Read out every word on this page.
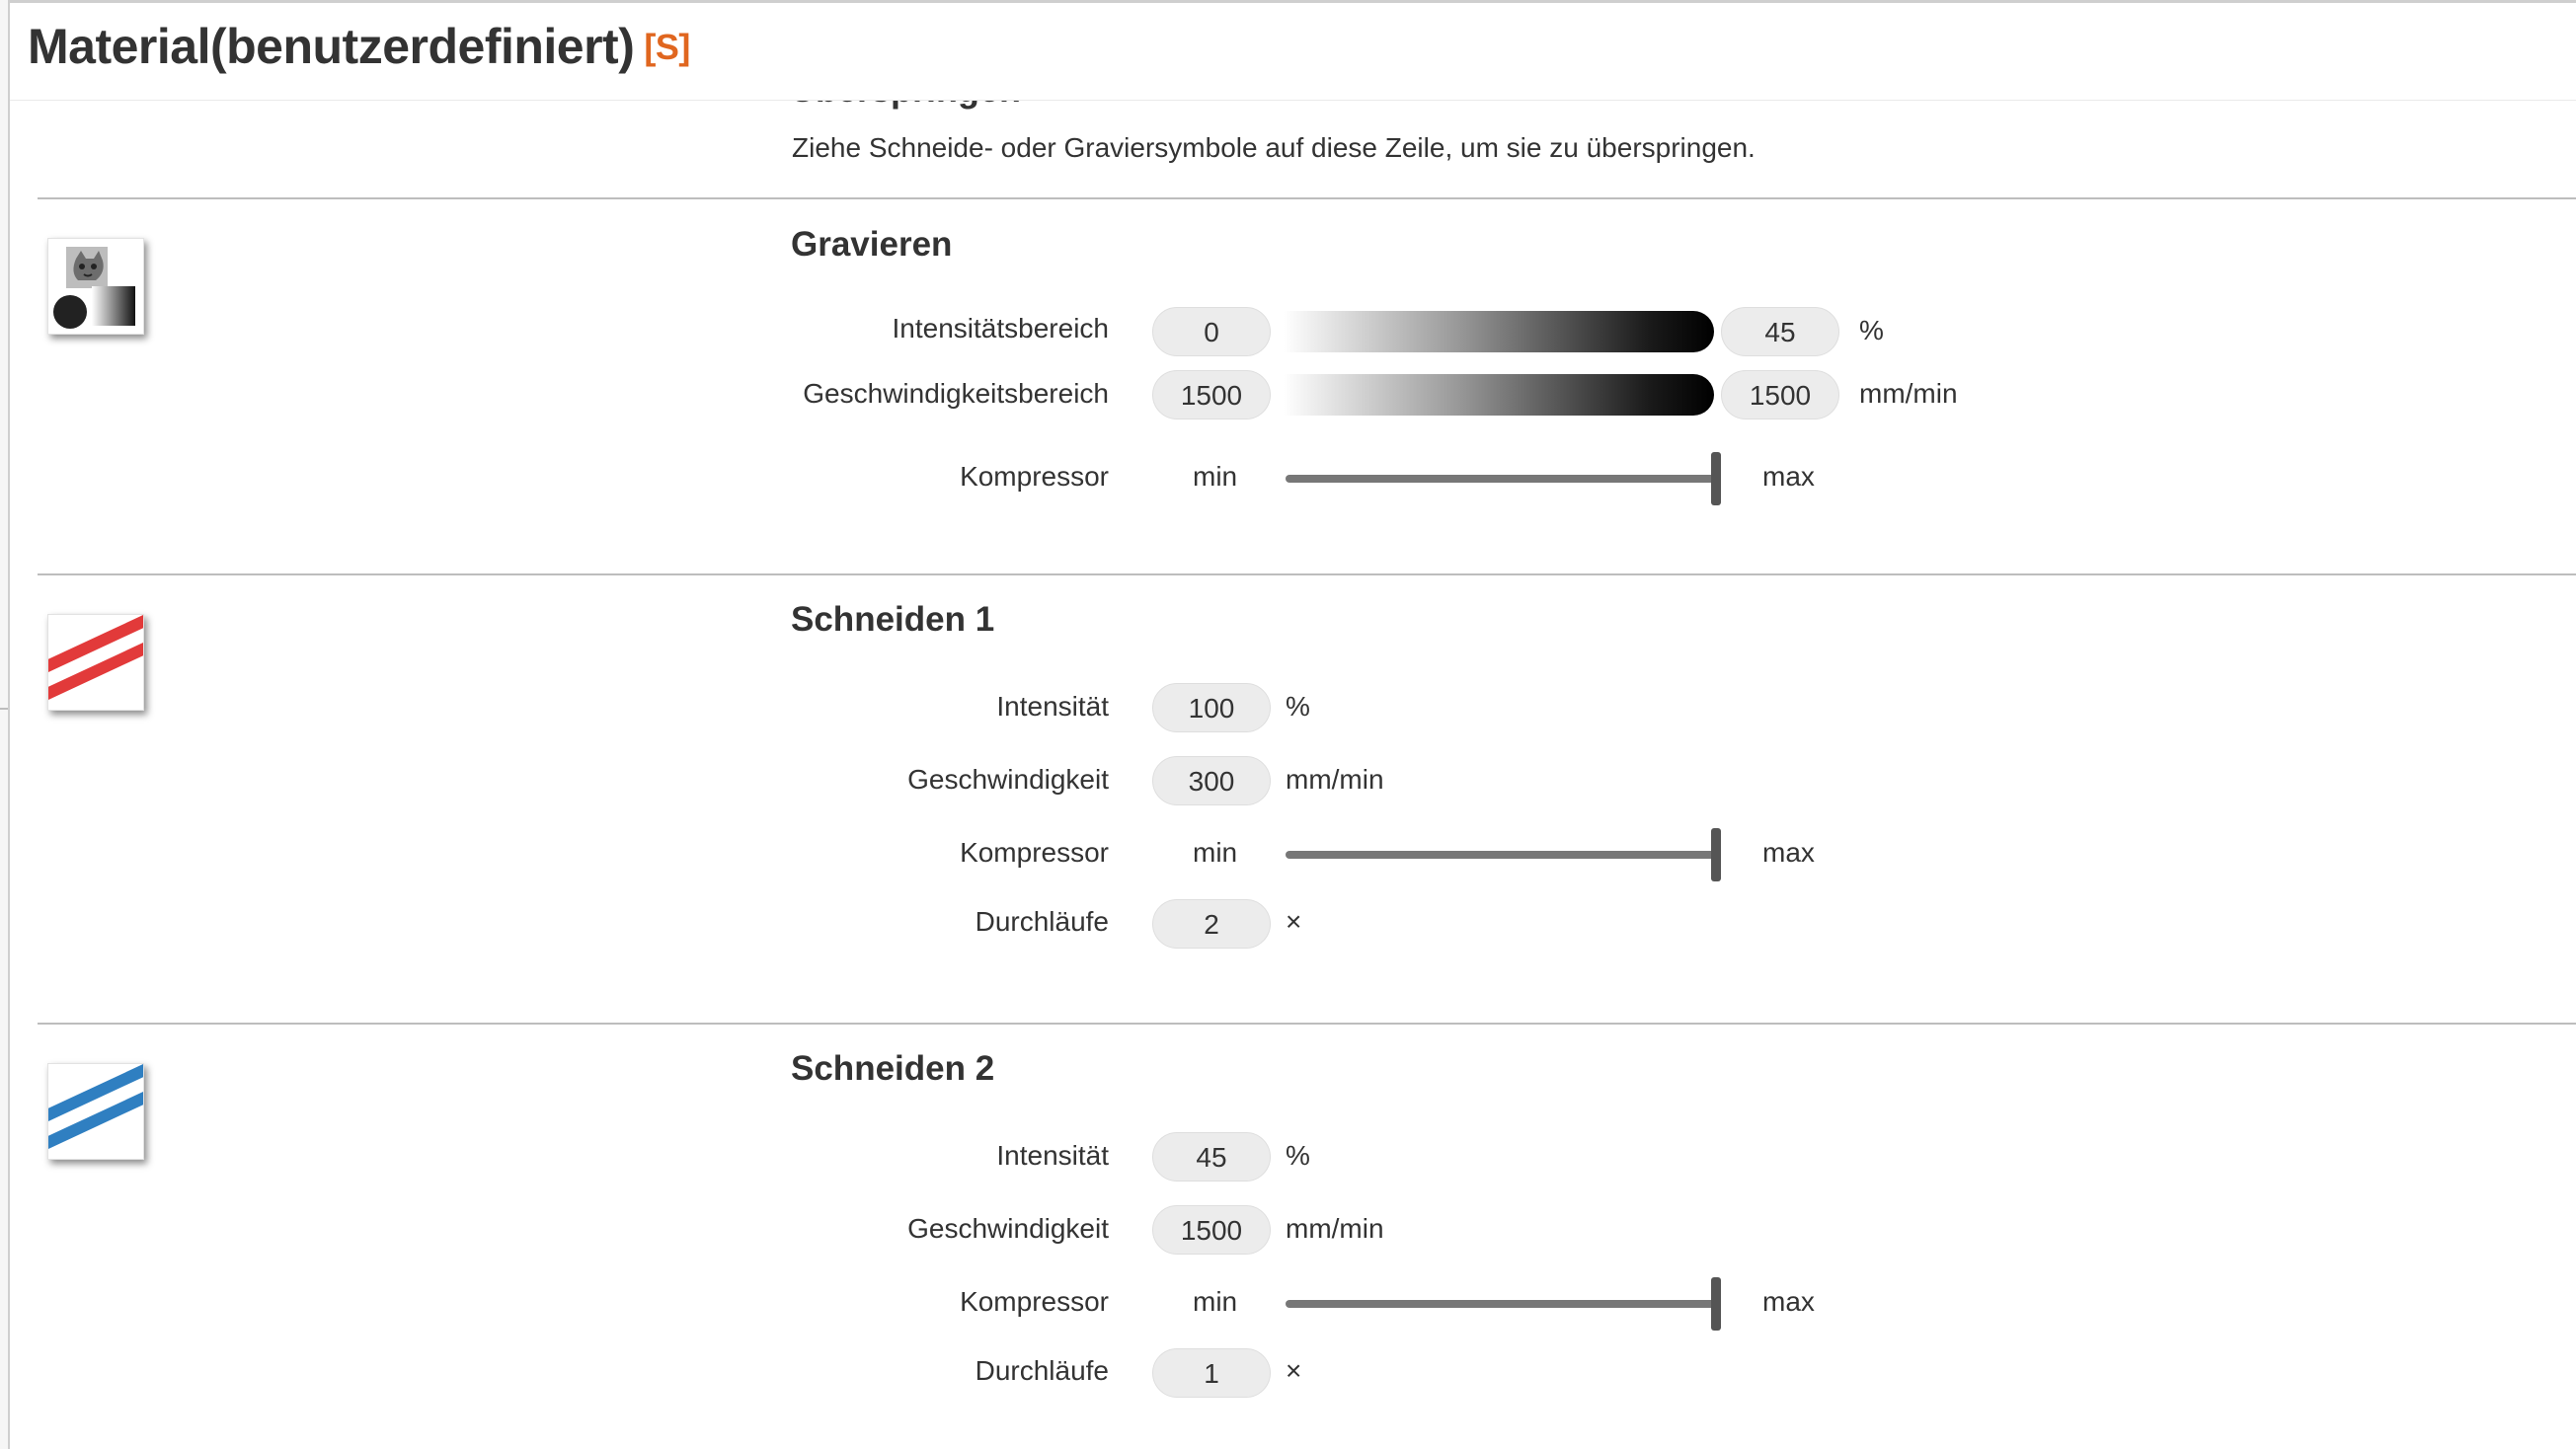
Material(benutzerdefiniert) [S]
Ziehe Schneide- oder Graviersymbole auf diese Zeile, um sie zu überspringen.
Gravieren
Intensitätsbereich	0	45	%
Geschwindigkeitsbereich	1500	1500	mm/min
Kompressor	min	max
Schneiden 1
Intensität	100	%
Geschwindigkeit	300	mm/min
Kompressor	min	max
Durchläufe	2	×
Schneiden 2
Intensität	45	%
Geschwindigkeit	1500	mm/min
Kompressor	min	max
Durchläufe	1	×
